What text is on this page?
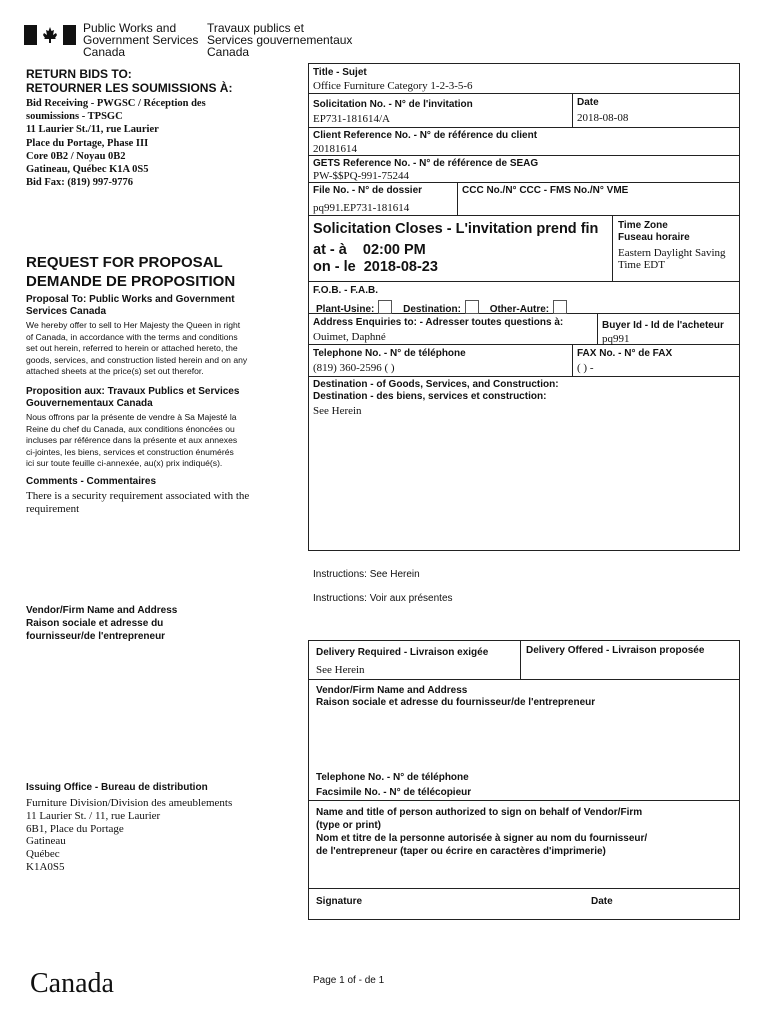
Public Works and
Government Services
Canada
Travaux publics et
Services gouvernementaux
Canada
RETURN BIDS TO:
RETOURNER LES SOUMISSIONS À:
Bid Receiving - PWGSC / Réception des
soumissions - TPSGC
11 Laurier St./11, rue Laurier
Place du Portage, Phase III
Core 0B2 / Noyau 0B2
Gatineau, Québec K1A 0S5
Bid Fax: (819) 997-9776
REQUEST FOR PROPOSAL
DEMANDE DE PROPOSITION
Proposal To: Public Works and Government
Services Canada
We hereby offer to sell to Her Majesty the Queen in right
of Canada, in accordance with the terms and conditions
set out herein, referred to herein or attached hereto, the
goods, services, and construction listed herein and on any
attached sheets at the price(s) set out therefor.
Proposition aux: Travaux Publics et Services
Gouvernementaux Canada
Nous offrons par la présente de vendre à Sa Majesté la
Reine du chef du Canada, aux conditions énoncées ou
incluses par référence dans la présente et aux annexes
ci-jointes, les biens, services et construction énumérés
ici sur toute feuille ci-annexée, au(x) prix indiqué(s).
Comments - Commentaires
There is a security requirement associated with the
requirement
Vendor/Firm Name and Address
Raison sociale et adresse du
fournisseur/de l'entrepreneur
Issuing Office - Bureau de distribution
Furniture Division/Division des ameublements
11 Laurier St. / 11, rue Laurier
6B1, Place du Portage
Gatineau
Québec
K1A0S5
Title - Sujet
Office Furniture Category 1-2-3-5-6
Solicitation No. - N° de l'invitation
EP731-181614/A
Date
2018-08-08
Client Reference No. - N° de référence du client
20181614
GETS Reference No. - N° de référence de SEAG
PW-$$PQ-991-75244
File No. - N° de dossier
pq991.EP731-181614
CCC No./N° CCC - FMS No./N° VME
Solicitation Closes - L'invitation prend fin
at - à 02:00 PM
on - le 2018-08-23
Time Zone
Fuseau horaire
Eastern Daylight Saving
Time EDT
F.O.B. - F.A.B.
Plant-Usine:	Destination:	Other-Autre:
Address Enquiries to: - Adresser toutes questions à:
Ouimet, Daphné
Buyer Id - Id de l'acheteur
pq991
Telephone No. - N° de téléphone
(819) 360-2596 ( )
FAX No. - N° de FAX
( ) -
Destination - of Goods, Services, and Construction:
Destination - des biens, services et construction:
See Herein
Instructions: See Herein
Instructions: Voir aux présentes
Delivery Required - Livraison exigée
See Herein
Delivery Offered - Livraison proposée
Vendor/Firm Name and Address
Raison sociale et adresse du fournisseur/de l'entrepreneur
Telephone No. - N° de téléphone
Facsimile No. - N° de télécopieur
Name and title of person authorized to sign on behalf of Vendor/Firm
(type or print)
Nom et titre de la personne autorisée à signer au nom du fournisseur/
de l'entrepreneur (taper ou écrire en caractères d'imprimerie)
Signature	Date
Canada	Page 1 of - de 1
